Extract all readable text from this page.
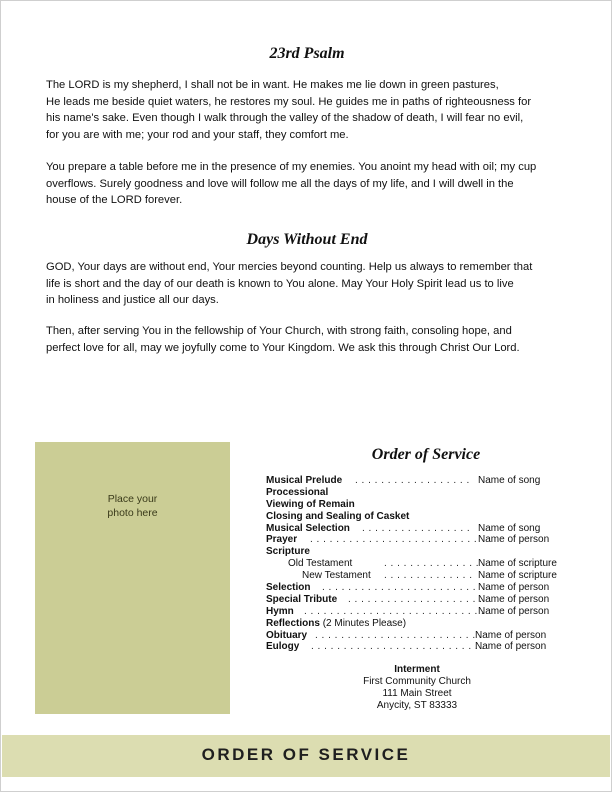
23rd Psalm

The LORD is my shepherd, I shall not be in want. He makes me lie down in green pastures,
He leads me beside quiet waters, he restores my soul. He guides me in paths of righteousness for
his name's sake. Even though I walk through the valley of the shadow of death, I will fear no evil,
for you are with me; your rod and your staff, they comfort me.

You prepare a table before me in the presence of my enemies. You anoint my head with oil; my cup
overflows. Surely goodness and love will follow me all the days of my life, and I will dwell in the
house of the LORD forever.

Days Without End

GOD, Your days are without end, Your mercies beyond counting. Help us always to remember that
life is short and the day of our death is known to You alone. May Your Holy Spirit lead us to live
in holiness and justice all our days.

Then, after serving You in the fellowship of Your Church, with strong faith, consoling hope, and
perfect love for all, may we joyfully come to Your Kingdom. We ask this through Christ Our Lord.

Place your
photo here
Order of Service
Musical Prelude . . . . . . . . . . . . . . . . . . Name of song
Processional
Viewing of Remain
Closing and Sealing of Casket
Musical Selection . . . . . . . . . . . . . . . . . Name of song
Prayer . . . . . . . . . . . . . . . . . . . . . . . . . . Name of person
Scripture
Old Testament	. . . . . . . . . . . . . . .
Name of scripture
New Testament . . . . . . . . . . . . . . Name of scripture
Selection . . . . . . . . . . . . . . . . . . . . . . . . Name of person
Special Tribute . . . . . . . . . . . . . . . . . . . . .
Name of person
Hymn . . . . . . . . . . . . . . . . . . . . . . . . . . . .
Name of person
Reflections (2 Minutes Please)
Obituary . . . . . . . . . . . . . . . . . . . . . . . . . .
Name of person
Eulogy . . . . . . . . . . . . . . . . . . . . . . . . . . .
Name of person
Interment
First Community Church
111 Main Street
Anycity, ST 83333
ORDER OF SERVICE
